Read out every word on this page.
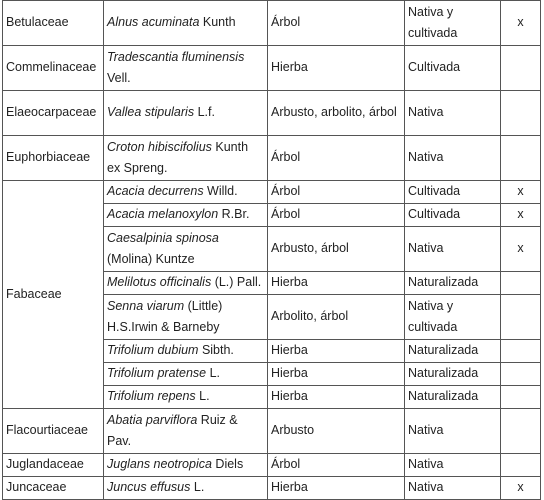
Betulaceae	Alnus acuminata Kunth	Árbol	Nativa y cultivada	x
Commelinaceae	Tradescantia fluminensis Vell.	Hierba	Cultivada	
Elaeocarpaceae	Vallea stipularis L.f.	Arbusto, arbolito, árbol	Nativa	
Euphorbiaceae	Croton hibiscifolius Kunth ex Spreng.	Árbol	Nativa	
Fabaceae	Acacia decurrens Willd.	Árbol	Cultivada	x
	Acacia melanoxylon R.Br.	Árbol	Cultivada	x
	Caesalpinia spinosa (Molina) Kuntze	Arbusto, árbol	Nativa	x
	Melilotus officinalis (L.) Pall.	Hierba	Naturalizada	
	Senna viarum (Little) H.S.Irwin & Barneby	Arbolito, árbol	Nativa y cultivada	
	Trifolium dubium Sibth.	Hierba	Naturalizada	
	Trifolium pratense L.	Hierba	Naturalizada	
	Trifolium repens L.	Hierba	Naturalizada	
Flacourtiaceae	Abatia parviflora Ruiz & Pav.	Arbusto	Nativa	
Juglandaceae	Juglans neotropica Diels	Árbol	Nativa	
Juncaceae	Juncus effusus L.	Hierba	Nativa	x
